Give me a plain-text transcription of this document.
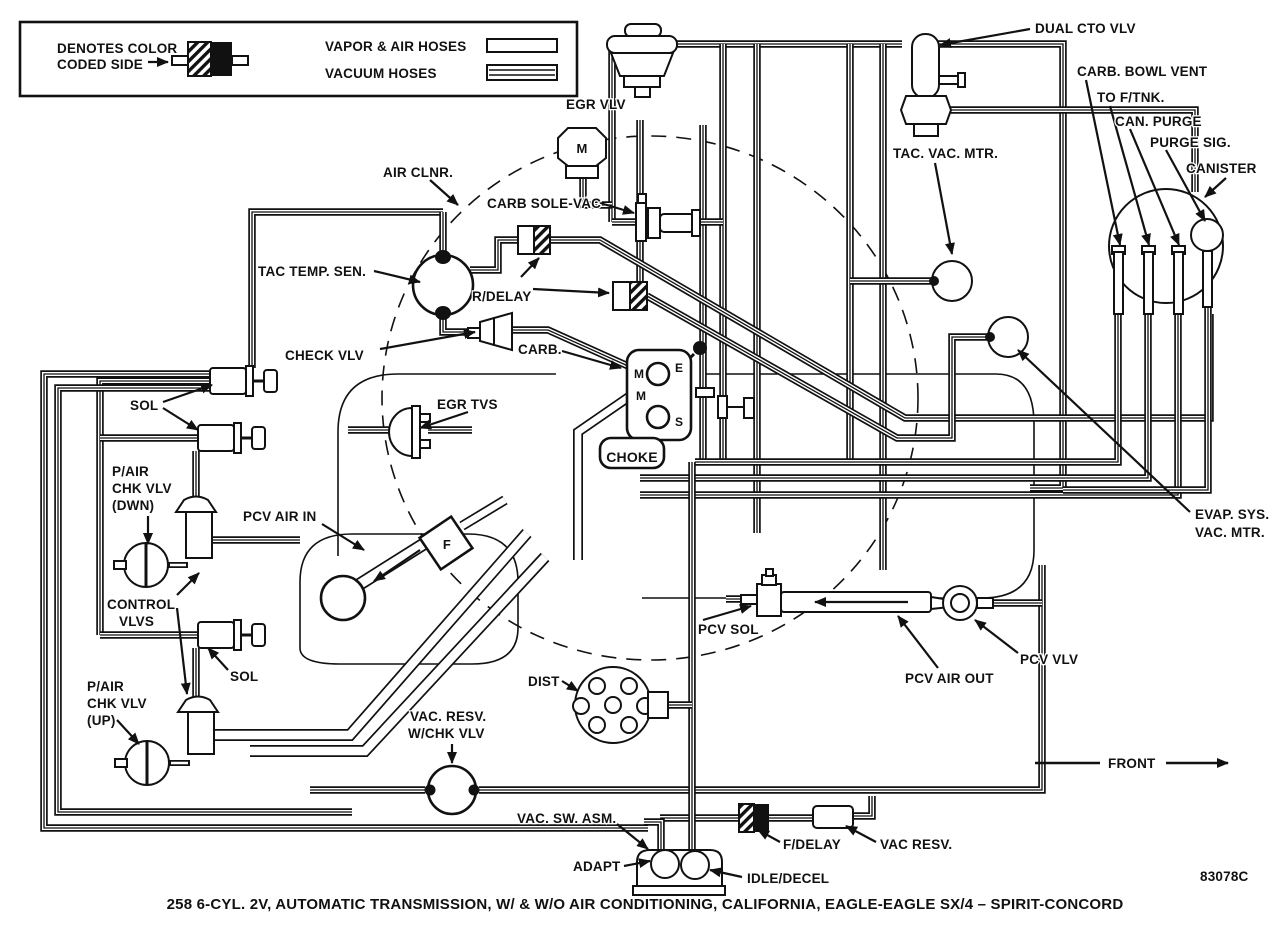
DENOTES COLOR
CODED SIDE
VAPOR & AIR HOSES
VACUUM HOSES
EGR VLV
DUAL CTO VLV
CARB. BOWL VENT
TO F/TNK.
CAN. PURGE
PURGE SIG.
CANISTER
TAC. VAC. MTR.
AIR CLNR.
CARB SOLE-VAC
TAC TEMP. SEN.
R/DELAY
CHECK VLV	CARB.
EGR TVS
CHOKE
M
M
E
S
M
F
SOL
P/AIR
CHK VLV
(DWN)
CONTROL
VLVS
PCV AIR IN
SOL
P/AIR
CHK VLV
(UP)	VAC. RESV.
W/CHK VLV
DIST
PCV SOL
PCV AIR OUT
PCV VLV
EVAP. SYS.
VAC. MTR.
VAC. SW. ASM.
ADAPT
IDLE/DECEL
F/DELAY	VAC RESV.
FRONT
83078C
258 6-CYL. 2V, AUTOMATIC TRANSMISSION, W/ & W/O AIR CONDITIONING, CALIFORNIA, EAGLE-EAGLE SX/4 – SPIRIT-CONCORD
